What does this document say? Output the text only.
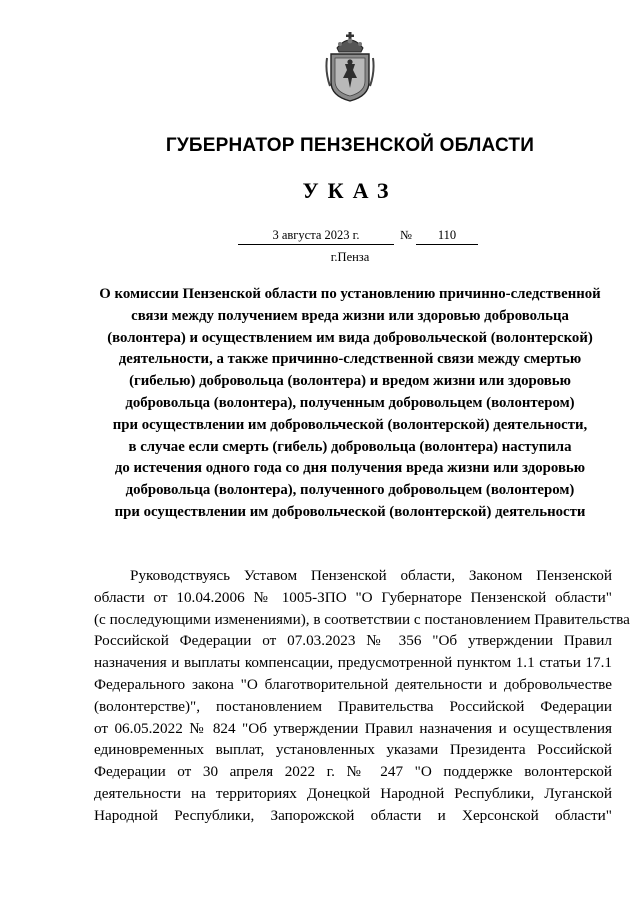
ГУБЕРНАТОР ПЕНЗЕНСКОЙ ОБЛАСТИ
УКАЗ
3 августа 2023 г.	№	110
г.Пенза
О комиссии Пензенской области по установлению причинно-следственной
связи между получением вреда жизни или здоровью добровольца
(волонтера) и осуществлением им вида добровольческой (волонтерской)
деятельности, а также причинно-следственной связи между смертью
(гибелью) добровольца (волонтера) и вредом жизни или здоровью
добровольца (волонтера), полученным добровольцем (волонтером)
при осуществлении им добровольческой (волонтерской) деятельности,
в случае если смерть (гибель) добровольца (волонтера) наступила
до истечения одного года со дня получения вреда жизни или здоровью
добровольца (волонтера), полученного добровольцем (волонтером)
при осуществлении им добровольческой (волонтерской) деятельности
Руководствуясь Уставом Пензенской области, Законом Пензенской
области от 10.04.2006 № 1005-ЗПО "О Губернаторе Пензенской области"
(с последующими изменениями), в соответствии с постановлением Правительства
Российской Федерации от 07.03.2023 № 356 "Об утверждении Правил
назначения и выплаты компенсации, предусмотренной пунктом 1.1 статьи 17.1
Федерального закона "О благотворительной деятельности и добровольчестве
(волонтерстве)", постановлением Правительства Российской Федерации
от 06.05.2022 № 824 "Об утверждении Правил назначения и осуществления
единовременных выплат, установленных указами Президента Российской
Федерации от 30 апреля 2022 г. № 247 "О поддержке волонтерской
деятельности на территориях Донецкой Народной Республики, Луганской
Народной Республики, Запорожской области и Херсонской области"
